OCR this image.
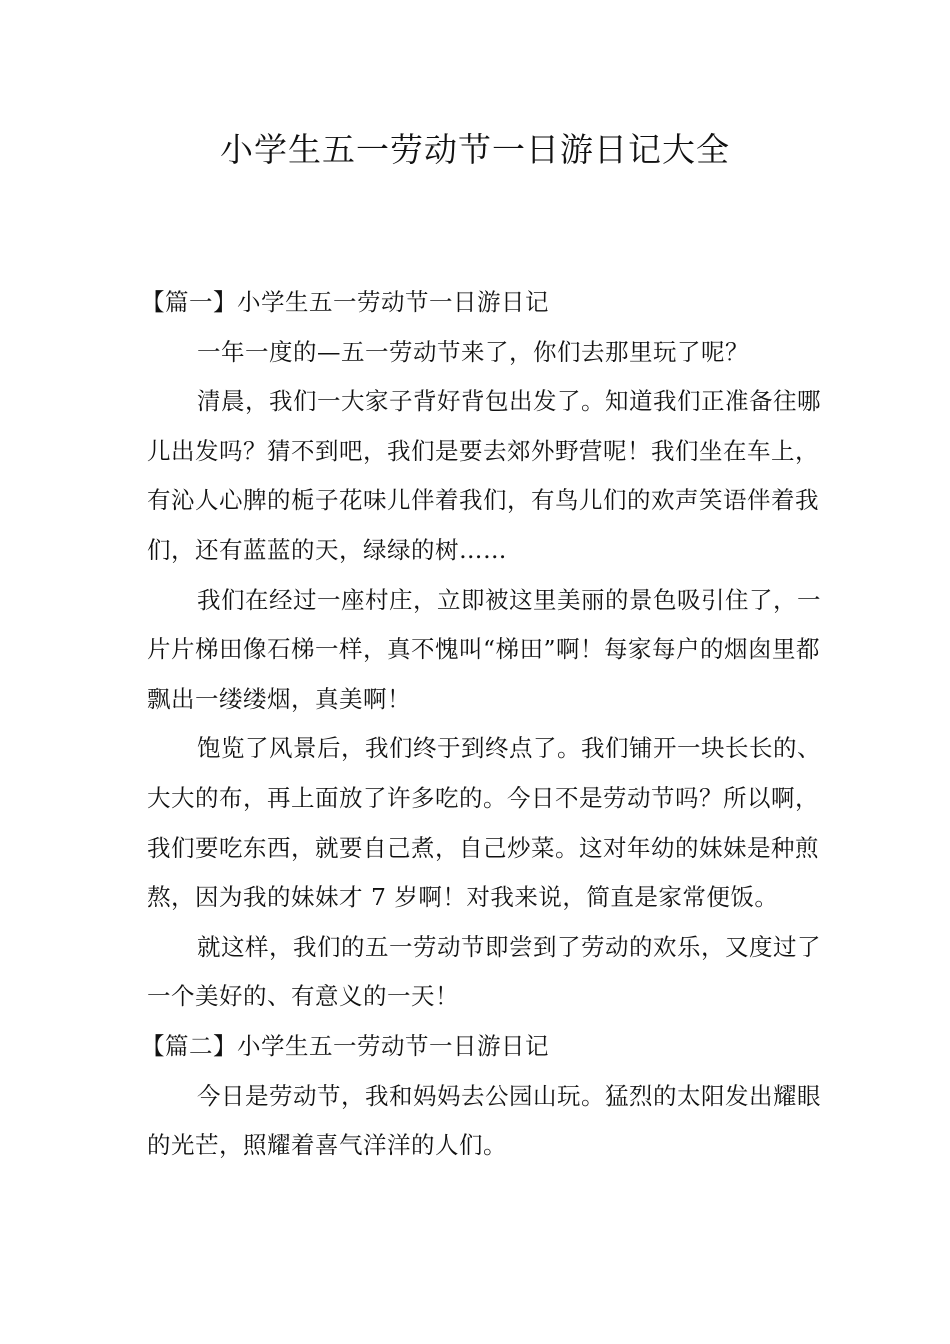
小学生五一劳动节一日游日记大全

【篇一】小学生五一劳动节一日游日记

一年一度的—五一劳动节来了，你们去那里玩了呢？

清晨，我们一大家子背好背包出发了。知道我们正准备往哪儿出发吗？猜不到吧，我们是要去郊外野营呢！我们坐在车上，有沁人心脾的栀子花味儿伴着我们，有鸟儿们的欢声笑语伴着我们，还有蓝蓝的天，绿绿的树……

我们在经过一座村庄，立即被这里美丽的景色吸引住了，一片片梯田像石梯一样，真不愧叫“梯田”啊！每家每户的烟囱里都飘出一缕缕烟，真美啊！

饱览了风景后，我们终于到终点了。我们铺开一块长长的、大大的布，再上面放了许多吃的。今日不是劳动节吗？所以啊，我们要吃东西，就要自己煮，自己炒菜。这对年幼的妹妹是种煎熬，因为我的妹妹才 7 岁啊！对我来说，简直是家常便饭。

就这样，我们的五一劳动节即尝到了劳动的欢乐，又度过了一个美好的、有意义的一天！

【篇二】小学生五一劳动节一日游日记

今日是劳动节，我和妈妈去公园山玩。猛烈的太阳发出耀眼的光芒，照耀着喜气洋洋的人们。
